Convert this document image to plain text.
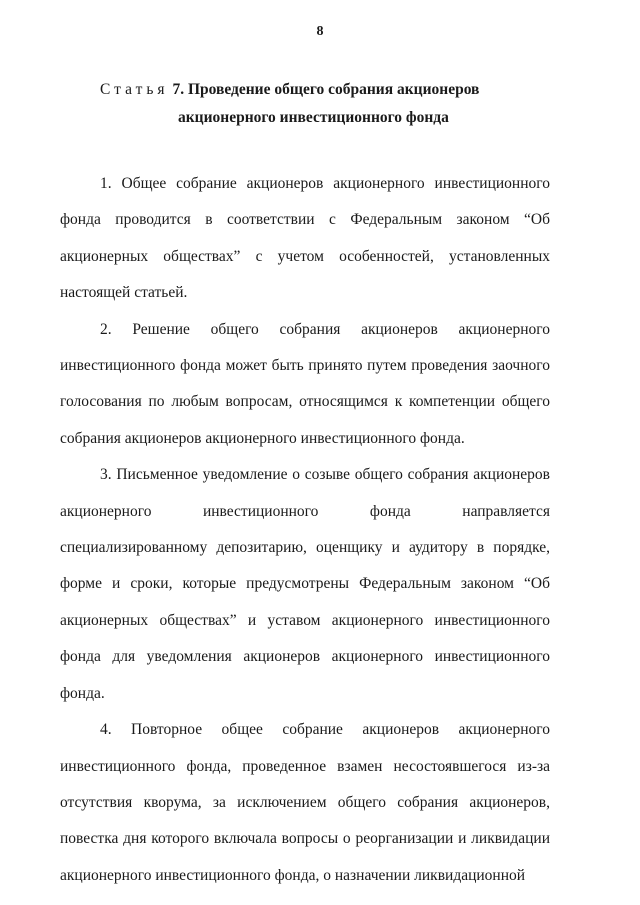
8
Статья 7. Проведение общего собрания акционеров
акционерного инвестиционного фонда

1. Общее собрание акционеров акционерного инвестиционного фонда проводится в соответствии с Федеральным законом “Об акционерных обществах” с учетом особенностей, установленных настоящей статьей.

2. Решение общего собрания акционеров акционерного инвестиционного фонда может быть принято путем проведения заочного голосования по любым вопросам, относящимся к компетенции общего собрания акционеров акционерного инвестиционного фонда.

3. Письменное уведомление о созыве общего собрания акционеров акционерного инвестиционного фонда направляется специализированному депозитарию, оценщику и аудитору в порядке, форме и сроки, которые предусмотрены Федеральным законом “Об акционерных обществах” и уставом акционерного инвестиционного фонда для уведомления акционеров акционерного инвестиционного фонда.

4. Повторное общее собрание акционеров акционерного инвестиционного фонда, проведенное взамен несостоявшегося из-за отсутствия кворума, за исключением общего собрания акционеров, повестка дня которого включала вопросы о реорганизации и ликвидации акционерного инвестиционного фонда, о назначении ликвидационной
